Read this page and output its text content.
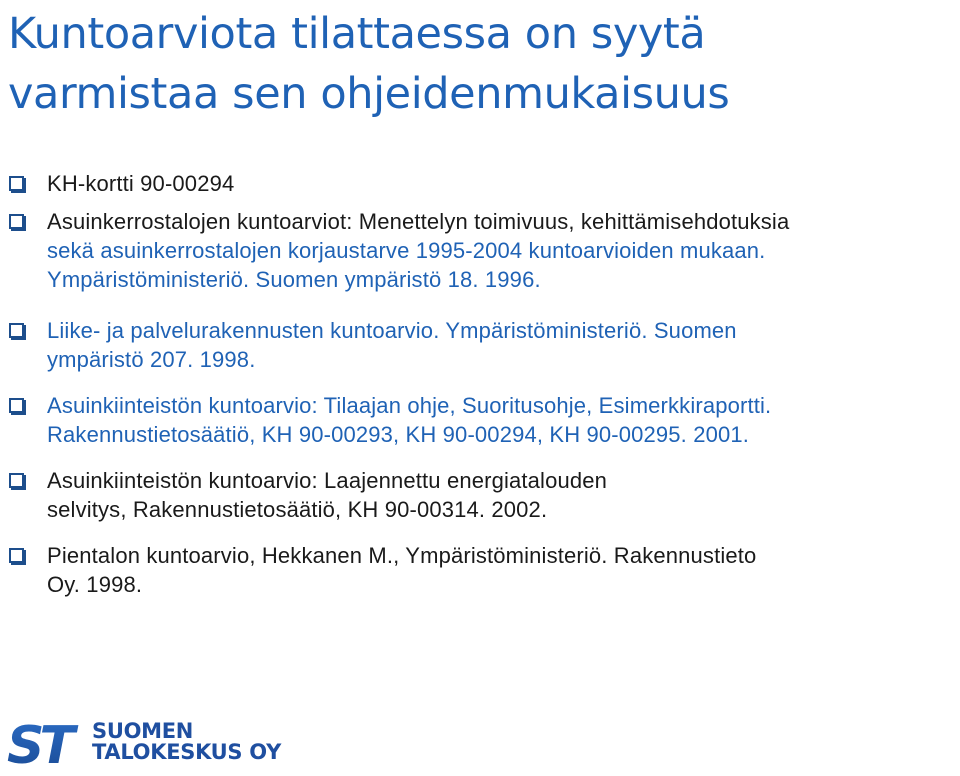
Kuntoarviota tilattaessa on syytä
varmistaa sen ohjeidenmukaisuus

KH-kortti 90-00294

Asuinkerrostalojen kuntoarviot: Menettelyn toimivuus, kehittämisehdotuksia
sekä asuinkerrostalojen korjaustarve 1995-2004 kuntoarvioiden mukaan.
Ympäristöministeriö. Suomen ympäristö 18. 1996.

Liike- ja palvelurakennusten kuntoarvio. Ympäristöministeriö. Suomen
ympäristö 207. 1998.

Asuinkiinteistön kuntoarvio: Tilaajan ohje, Suoritusohje, Esimerkkiraportti.
Rakennustietosäätiö, KH 90-00293, KH 90-00294, KH 90-00295. 2001.

Asuinkiinteistön kuntoarvio: Laajennettu energiatalouden
selvitys, Rakennustietosäätiö, KH 90-00314. 2002.

Pientalon kuntoarvio, Hekkanen M., Ympäristöministeriö. Rakennustieto
Oy. 1998.

ST	SUOMEN
TALOKESKUS OY
